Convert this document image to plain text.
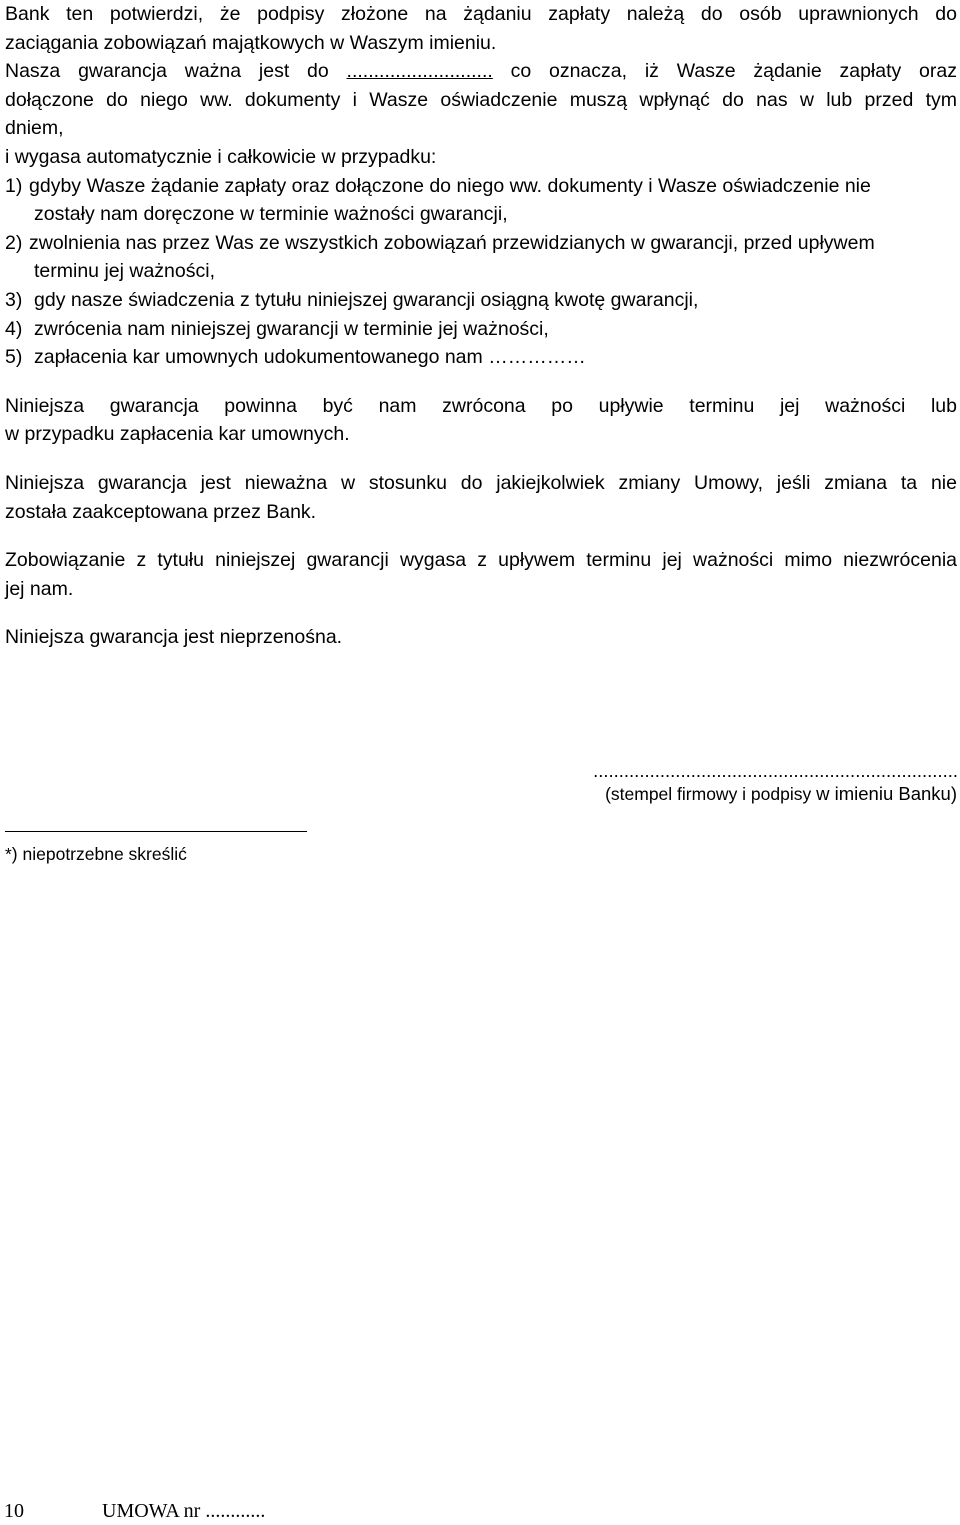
Bank ten potwierdzi, że podpisy złożone na żądaniu zapłaty należą do osób uprawnionych do
zaciągania zobowiązań majątkowych w Waszym imieniu.
Nasza gwarancja ważna jest do ........................... co oznacza, iż Wasze żądanie zapłaty oraz
dołączone do niego ww. dokumenty i Wasze oświadczenie muszą wpłynąć do nas w lub przed tym
dniem,
i wygasa automatycznie i całkowicie w przypadku:
1) gdyby Wasze żądanie zapłaty oraz dołączone do niego ww. dokumenty i Wasze oświadczenie nie
zostały nam doręczone w terminie ważności gwarancji,
2) zwolnienia nas przez Was ze wszystkich zobowiązań przewidzianych w gwarancji, przed upływem
terminu jej ważności,
3) gdy nasze świadczenia z tytułu niniejszej gwarancji osiągną kwotę gwarancji,
4) zwrócenia nam niniejszej gwarancji w terminie jej ważności,
5) zapłacenia kar umownych udokumentowanego nam ……………
Niniejsza gwarancja powinna być nam zwrócona po upływie terminu jej ważności lub
w przypadku zapłacenia kar umownych.
Niniejsza gwarancja jest nieważna w stosunku do jakiejkolwiek zmiany Umowy, jeśli zmiana ta nie
została zaakceptowana przez Bank.
Zobowiązanie z tytułu niniejszej gwarancji wygasa z upływem terminu jej ważności mimo niezwrócenia
jej nam.
Niniejsza gwarancja jest nieprzenośna.
.......................................................................
(stempel firmowy i podpisy w imieniu Banku)
*) niepotrzebne skreślić
10	UMOWA nr ............
